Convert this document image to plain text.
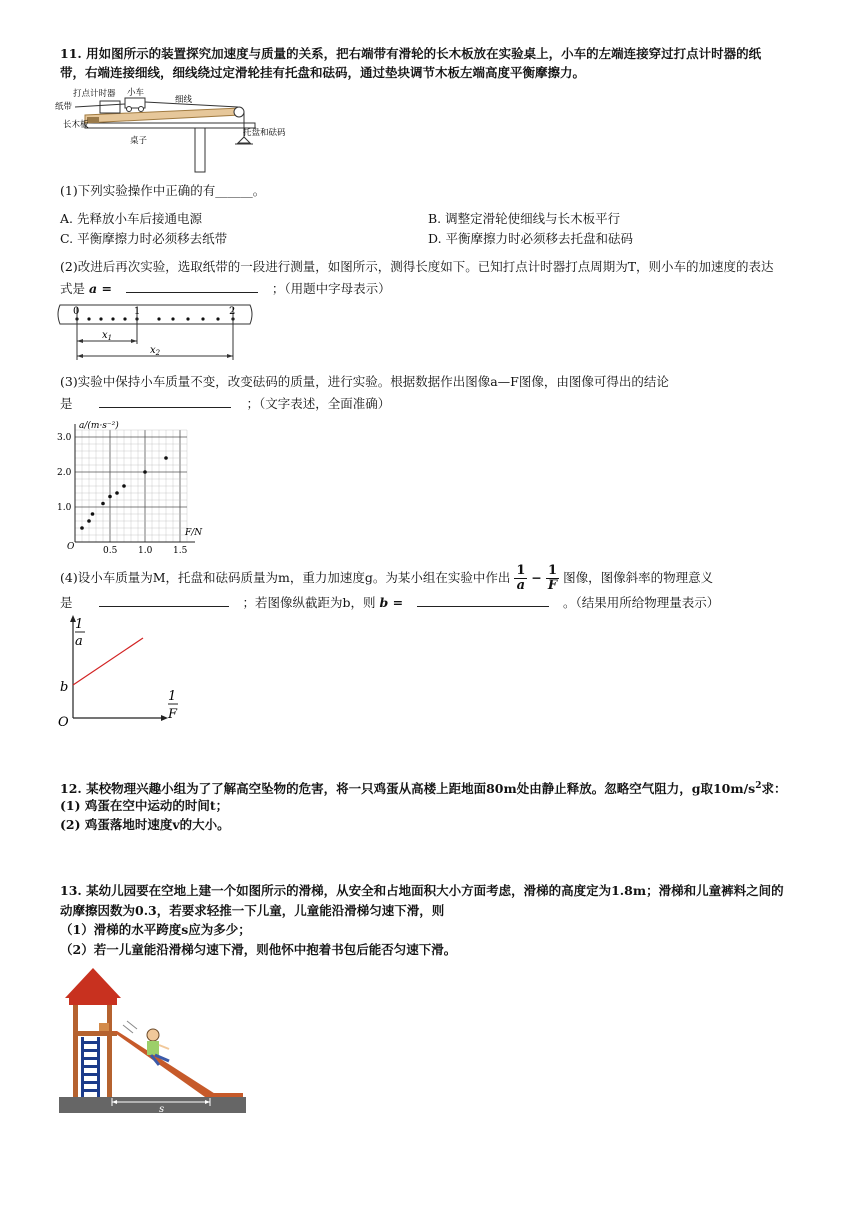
11. 用如图所示的装置探究加速度与质量的关系，把右端带有滑轮的长木板放在实验桌上，小车的左端连接穿过打点计时器的纸
带，右端连接细线，细线绕过定滑轮挂有托盘和砝码，通过垫块调节木板左端高度平衡摩擦力。
打点计时器 小车
纸带
细线
长木板
桌子
托盘和砝码
(1)下列实验操作中正确的有______。
A. 先释放小车后接通电源	B. 调整定滑轮使细线与长木板平行
C. 平衡摩擦力时必须移去纸带	D. 平衡摩擦力时必须移去托盘和砝码
(2)改进后再次实验，选取纸带的一段进行测量，如图所示，测得长度如下。已知打点计时器打点周期为T，则小车的加速度的表达
式是 a =	；（用题中字母表示）
0	1	2
$x_1$
$x_2$
(3)实验中保持小车质量不变，改变砝码的质量，进行实验。根据数据作出图像a—F图像，由图像可得出的结论
是	；（文字表述，全面准确）
a/(m·s⁻²)
F/N
O	0.5 1.0 1.5
1.0
2.0
3.0
(4)设小车质量为M，托盘和砝码质量为m，重力加速度g。为某小组在实验中作出 $\frac{1}{a} - \frac{1}{F}$ 图像，图像斜率的物理意义
是	；若图像纵截距为b，则 b =	。（结果用所给物理量表示）
1
a
1
F
b
O
12. 某校物理兴趣小组为了了解高空坠物的危害，将一只鸡蛋从高楼上距地面80m处由静止释放。忽略空气阻力，g取$10m/s^2$求：
(1) 鸡蛋在空中运动的时间t；
(2) 鸡蛋落地时速度v的大小。
13. 某幼儿园要在空地上建一个如图所示的滑梯，从安全和占地面积大小方面考虑，滑梯的高度定为1.8m；滑梯和儿童裤料之间的
动摩擦因数为0.3，若要求轻推一下儿童，儿童能沿滑梯匀速下滑，则
（1）滑梯的水平跨度s应为多少；
（2）若一儿童能沿滑梯匀速下滑，则他怀中抱着书包后能否匀速下滑。
s
